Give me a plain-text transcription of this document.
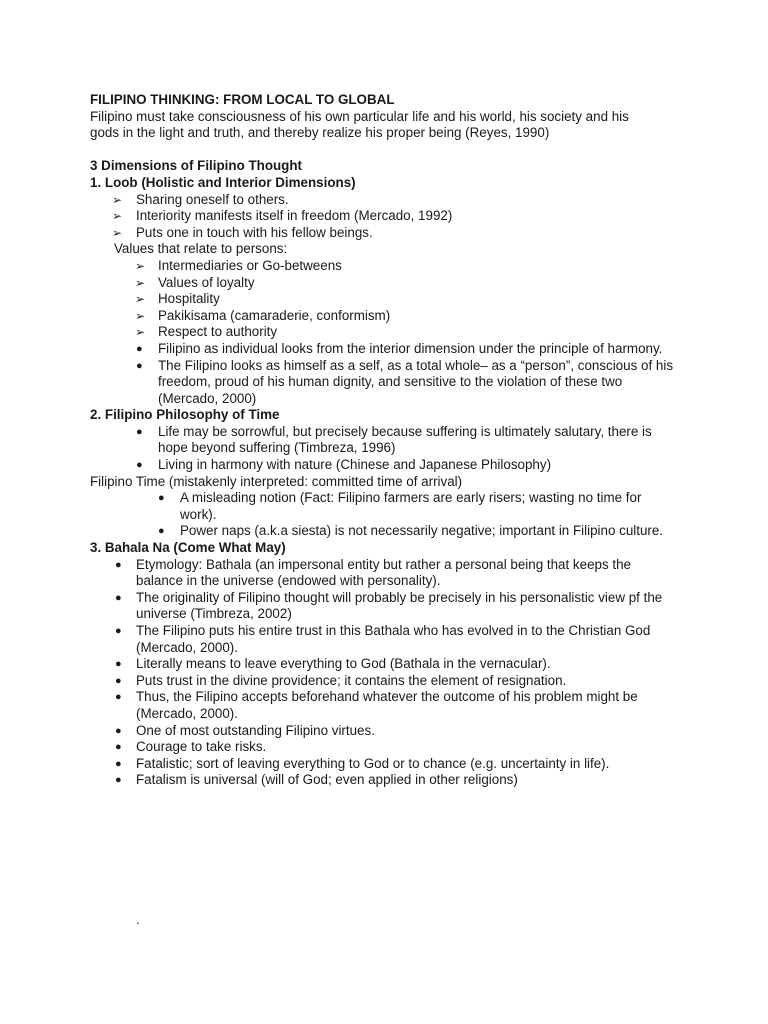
FILIPINO THINKING: FROM LOCAL TO GLOBAL
Filipino must take consciousness of his own particular life and his world, his society and his
gods in the light and truth, and thereby realize his proper being (Reyes, 1990)
3 Dimensions of Filipino Thought
1. Loob (Holistic and Interior Dimensions)
➢ Sharing oneself to others.
➢ Interiority manifests itself in freedom (Mercado, 1992)
➢ Puts one in touch with his fellow beings.
Values that relate to persons:
➢ Intermediaries or Go-betweens
➢ Values of loyalty
➢ Hospitality
➢ Pakikisama (camaraderie, conformism)
➢ Respect to authority
● Filipino as individual looks from the interior dimension under the principle of harmony.
● The Filipino looks as himself as a self, as a total whole– as a “person”, conscious of his freedom, proud of his human dignity, and sensitive to the violation of these two (Mercado, 2000)
2. Filipino Philosophy of Time
● Life may be sorrowful, but precisely because suffering is ultimately salutary, there is hope beyond suffering (Timbreza, 1996)
● Living in harmony with nature (Chinese and Japanese Philosophy)
Filipino Time (mistakenly interpreted: committed time of arrival)
● A misleading notion (Fact: Filipino farmers are early risers; wasting no time for work).
● Power naps (a.k.a siesta) is not necessarily negative; important in Filipino culture.
3. Bahala Na (Come What May)
● Etymology: Bathala (an impersonal entity but rather a personal being that keeps the balance in the universe (endowed with personality).
● The originality of Filipino thought will probably be precisely in his personalistic view pf the universe (Timbreza, 2002)
● The Filipino puts his entire trust in this Bathala who has evolved in to the Christian God (Mercado, 2000).
● Literally means to leave everything to God (Bathala in the vernacular).
● Puts trust in the divine providence; it contains the element of resignation.
● Thus, the Filipino accepts beforehand whatever the outcome of his problem might be (Mercado, 2000).
● One of most outstanding Filipino virtues.
● Courage to take risks.
● Fatalistic; sort of leaving everything to God or to chance (e.g. uncertainty in life).
● Fatalism is universal (will of God; even applied in other religions)
.
